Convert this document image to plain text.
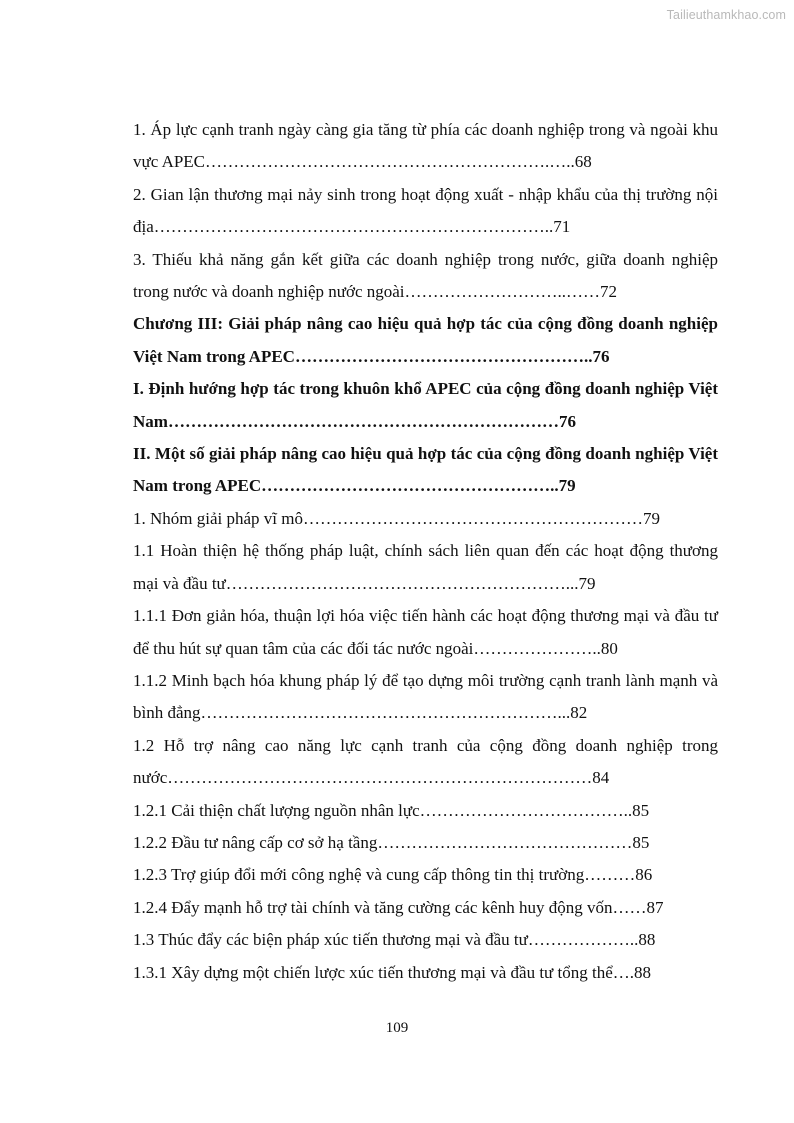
Tailieuthamkhao.com

1. Áp lực cạnh tranh ngày càng gia tăng từ phía các doanh nghiệp trong và ngoài khu vực APEC…………………………………………………….…..68

2. Gian lận thương mại nảy sinh trong hoạt động xuất - nhập khẩu của thị trường nội địa……………………………………………………………..71

3. Thiếu khả năng gắn kết giữa các doanh nghiệp trong nước, giữa doanh nghiệp trong nước và doanh nghiệp nước ngoài………………………..……72

Chương III: Giải pháp nâng cao hiệu quả hợp tác của cộng đồng doanh nghiệp Việt Nam trong APEC……………………………………………..76

I. Định hướng hợp tác trong khuôn khổ APEC của cộng đồng doanh nghiệp Việt Nam……………………………………………………………76

II. Một số giải pháp nâng cao hiệu quả hợp tác của cộng đồng doanh nghiệp Việt Nam trong APEC……………………………………………..79

1. Nhóm giải pháp vĩ mô……………………………………………………79

1.1 Hoàn thiện hệ thống pháp luật, chính sách liên quan đến các hoạt động thương mại và đầu tư……………………………………………………...79

1.1.1 Đơn giản hóa, thuận lợi hóa việc tiến hành các hoạt động thương mại và đầu tư để thu hút sự quan tâm của các đối tác nước ngoài…………………..80

1.1.2 Minh bạch hóa khung pháp lý để tạo dựng môi trường cạnh tranh lành mạnh và bình đẳng………………………………………………………...82

1.2 Hỗ trợ nâng cao năng lực cạnh tranh của cộng đồng doanh nghiệp trong nước…………………………………………………………………84

1.2.1 Cải thiện chất lượng nguồn nhân lực………………………………..85

1.2.2 Đầu tư nâng cấp cơ sở hạ tầng………………………………………85

1.2.3 Trợ giúp đổi mới công nghệ và cung cấp thông tin thị trường………86

1.2.4 Đẩy mạnh hỗ trợ tài chính và tăng cường các kênh huy động vốn……87

1.3 Thúc đẩy các biện pháp xúc tiến thương mại và đầu tư………………..88

1.3.1 Xây dựng một chiến lược xúc tiến thương mại và đầu tư tổng thể….88

109
